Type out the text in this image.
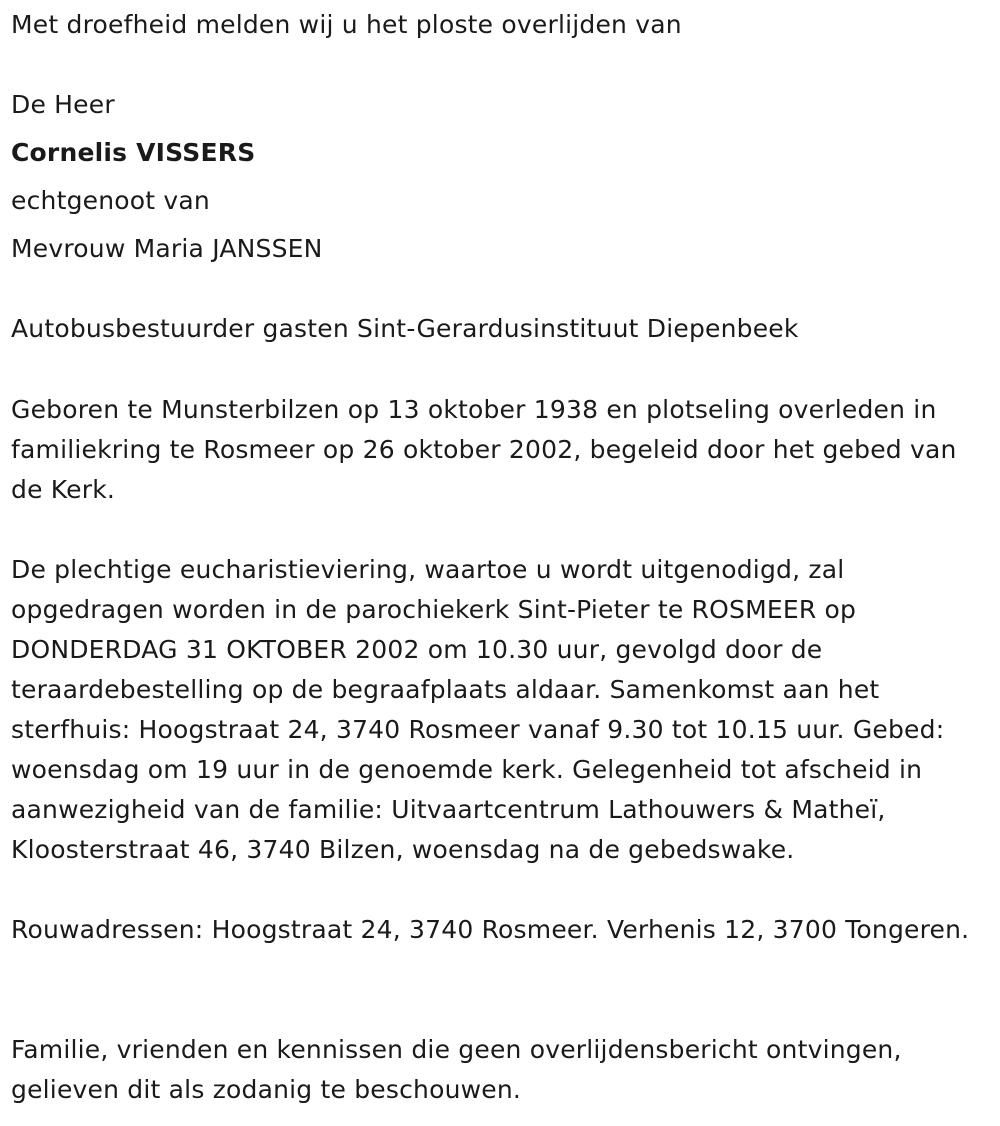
Met droefheid melden wij u het ploste overlijden van
De Heer
Cornelis VISSERS
echtgenoot van
Mevrouw Maria JANSSEN
Autobusbestuurder gasten Sint-Gerardusinstituut Diepenbeek
Geboren te Munsterbilzen op 13 oktober 1938 en plotseling overleden in familiekring te Rosmeer op 26 oktober 2002, begeleid door het gebed van de Kerk.
De plechtige eucharistieviering, waartoe u wordt uitgenodigd, zal opgedragen worden in de parochiekerk Sint-Pieter te ROSMEER op DONDERDAG 31 OKTOBER 2002 om 10.30 uur, gevolgd door de teraardebestelling op de begraafplaats aldaar. Samenkomst aan het sterfhuis: Hoogstraat 24, 3740 Rosmeer vanaf 9.30 tot 10.15 uur. Gebed: woensdag om 19 uur in de genoemde kerk. Gelegenheid tot afscheid in aanwezigheid van de familie: Uitvaartcentrum Lathouwers & Matheï, Kloosterstraat 46, 3740 Bilzen, woensdag na de gebedswake.
Rouwadressen: Hoogstraat 24, 3740 Rosmeer. Verhenis 12, 3700 Tongeren.
Familie, vrienden en kennissen die geen overlijdensbericht ontvingen, gelieven dit als zodanig te beschouwen.
